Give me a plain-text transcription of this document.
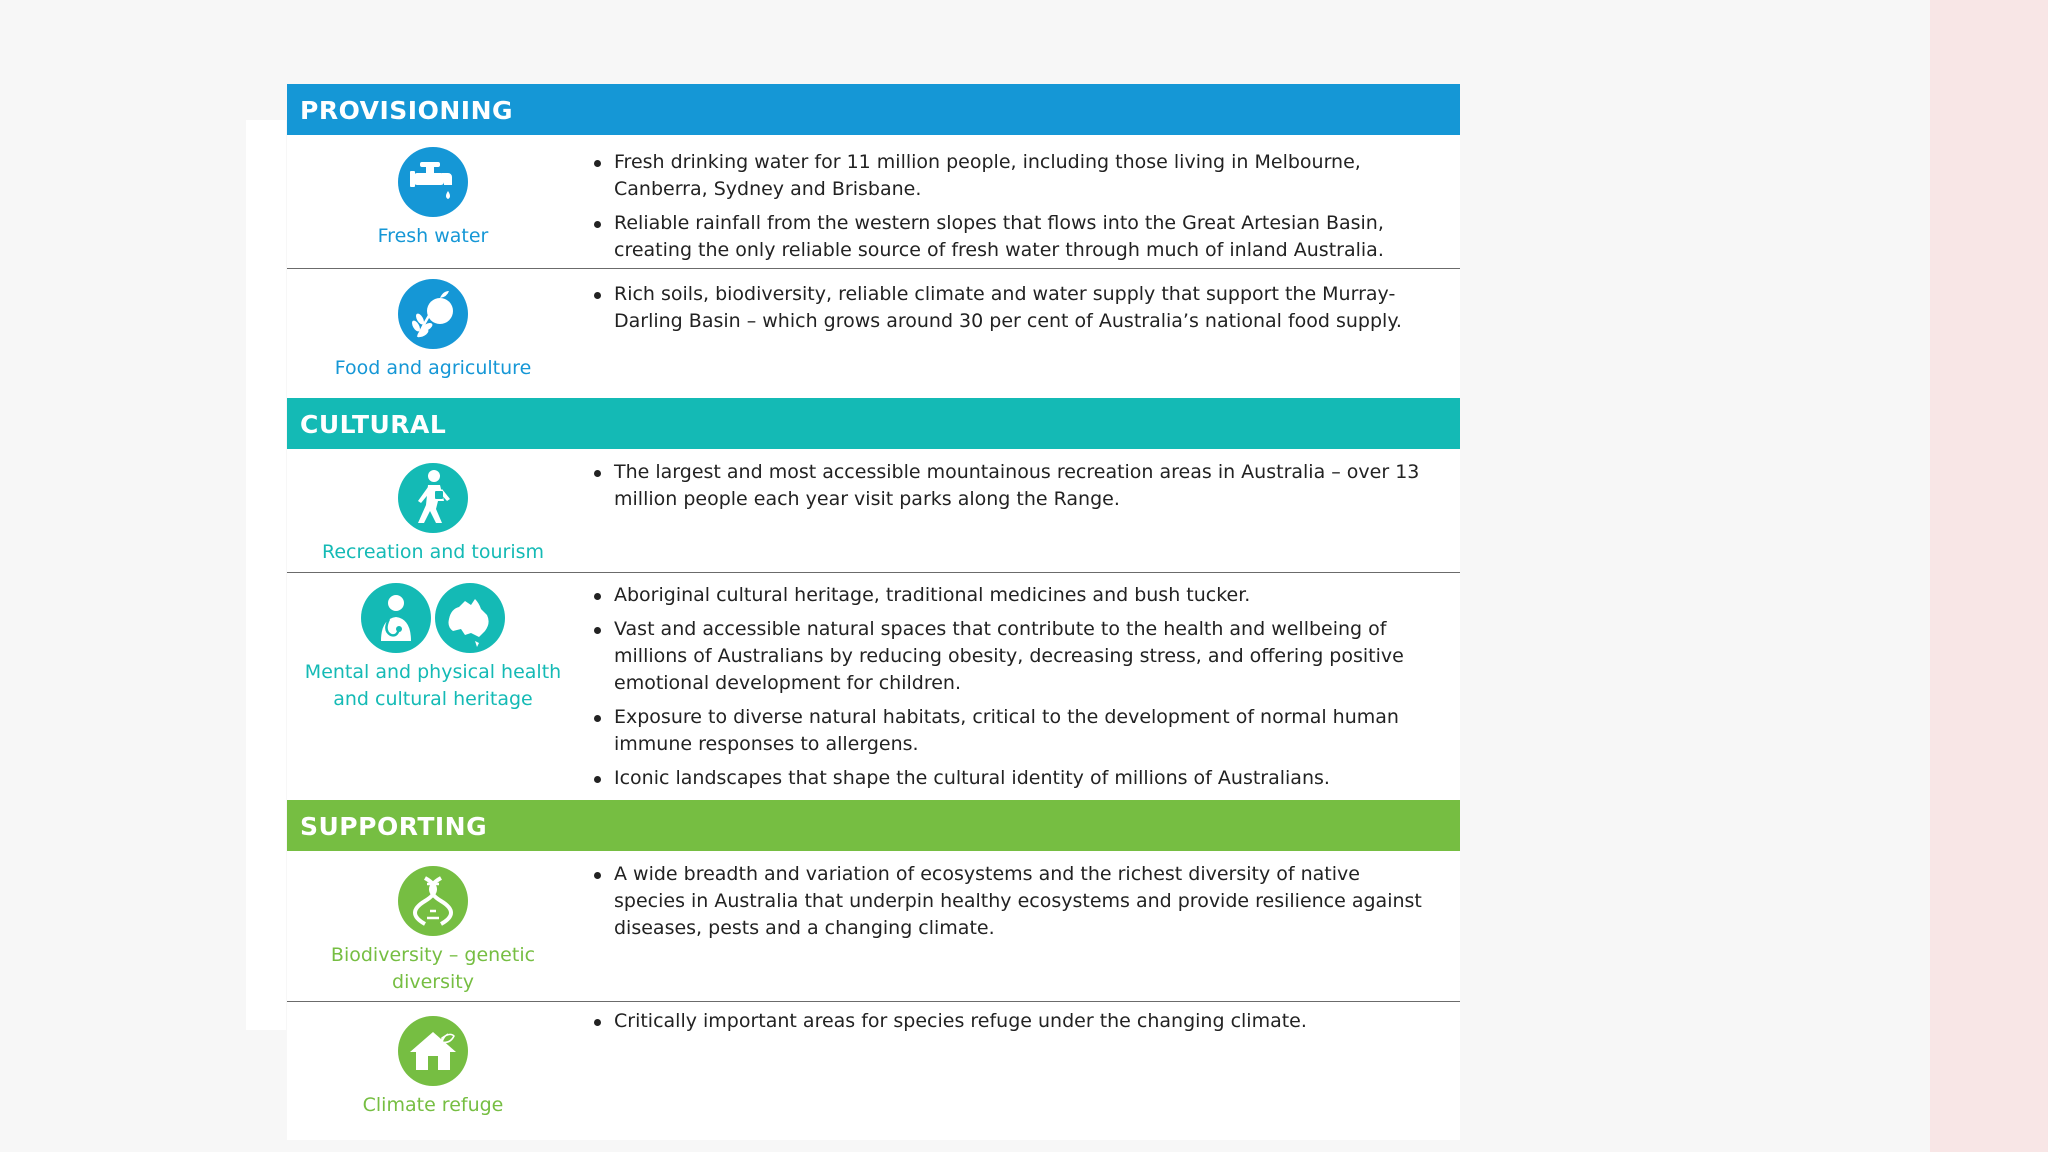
PROVISIONING
Fresh water
Fresh drinking water for 11 million people, including those living in Melbourne, Canberra, Sydney and Brisbane.
Reliable rainfall from the western slopes that flows into the Great Artesian Basin, creating the only reliable source of fresh water through much of inland Australia.
Food and agriculture
Rich soils, biodiversity, reliable climate and water supply that support the Murray-Darling Basin – which grows around 30 per cent of Australia’s national food supply.
CULTURAL
Recreation and tourism
The largest and most accessible mountainous recreation areas in Australia – over 13 million people each year visit parks along the Range.
Mental and physical health
and cultural heritage
Aboriginal cultural heritage, traditional medicines and bush tucker.
Vast and accessible natural spaces that contribute to the health and wellbeing of millions of Australians by reducing obesity, decreasing stress, and offering positive emotional development for children.
Exposure to diverse natural habitats, critical to the development of normal human immune responses to allergens.
Iconic landscapes that shape the cultural identity of millions of Australians.
SUPPORTING
Biodiversity – genetic
diversity
A wide breadth and variation of ecosystems and the richest diversity of native species in Australia that underpin healthy ecosystems and provide resilience against diseases, pests and a changing climate.
Climate refuge
Critically important areas for species refuge under the changing climate.
